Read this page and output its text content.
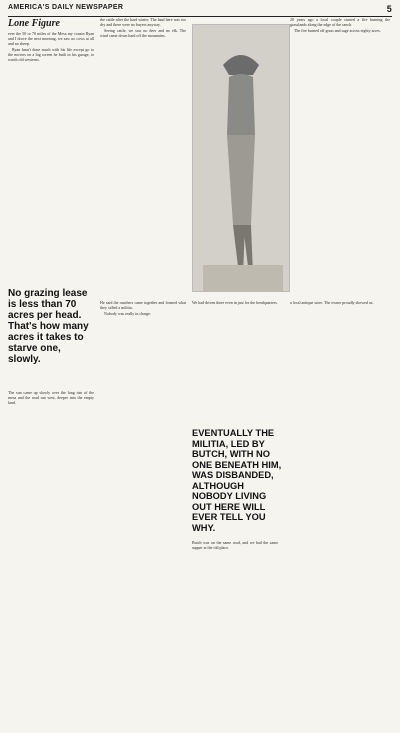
AMERICA'S DAILY NEWSPAPER	5
Lone Figure

ever the 50 or 70 miles of the Mesa my cousin Ryan and I drove the next morning, we saw no cows at all and no sheep.

Ryan hasn't done much with his life except go to the movies on a big screen he built in his garage, to watch old westerns.

the cattle after the hard winter. The land here was too dry and there were no buyers anyway.

Seeing cattle, we saw no deer and no elk. The wind came down hard off the mountains.

20 years ago a local couple started a fire burning the grasslands along the edge of the ranch.

The fire burned off grass and sage across eighty acres.

No grazing lease is less than 70 acres per head. That's how many acres it takes to starve one, slowly.

The sun came up slowly over the long rim of the mesa and the road ran west, deeper into the empty land.

He said the ranchers came together and formed what they called a militia.

Nobody was really in charge.

We had driven there even in just for the headquarters.

EVENTUALLY THE MILITIA, LED BY BUTCH, WITH NO ONE BENEATH HIM, WAS DISBANDED, ALTHOUGH NOBODY LIVING OUT HERE WILL EVER TELL YOU WHY.

Butch was on the same road, and we had the same supper at the old place.

a local antique store. The owner proudly showed us.
